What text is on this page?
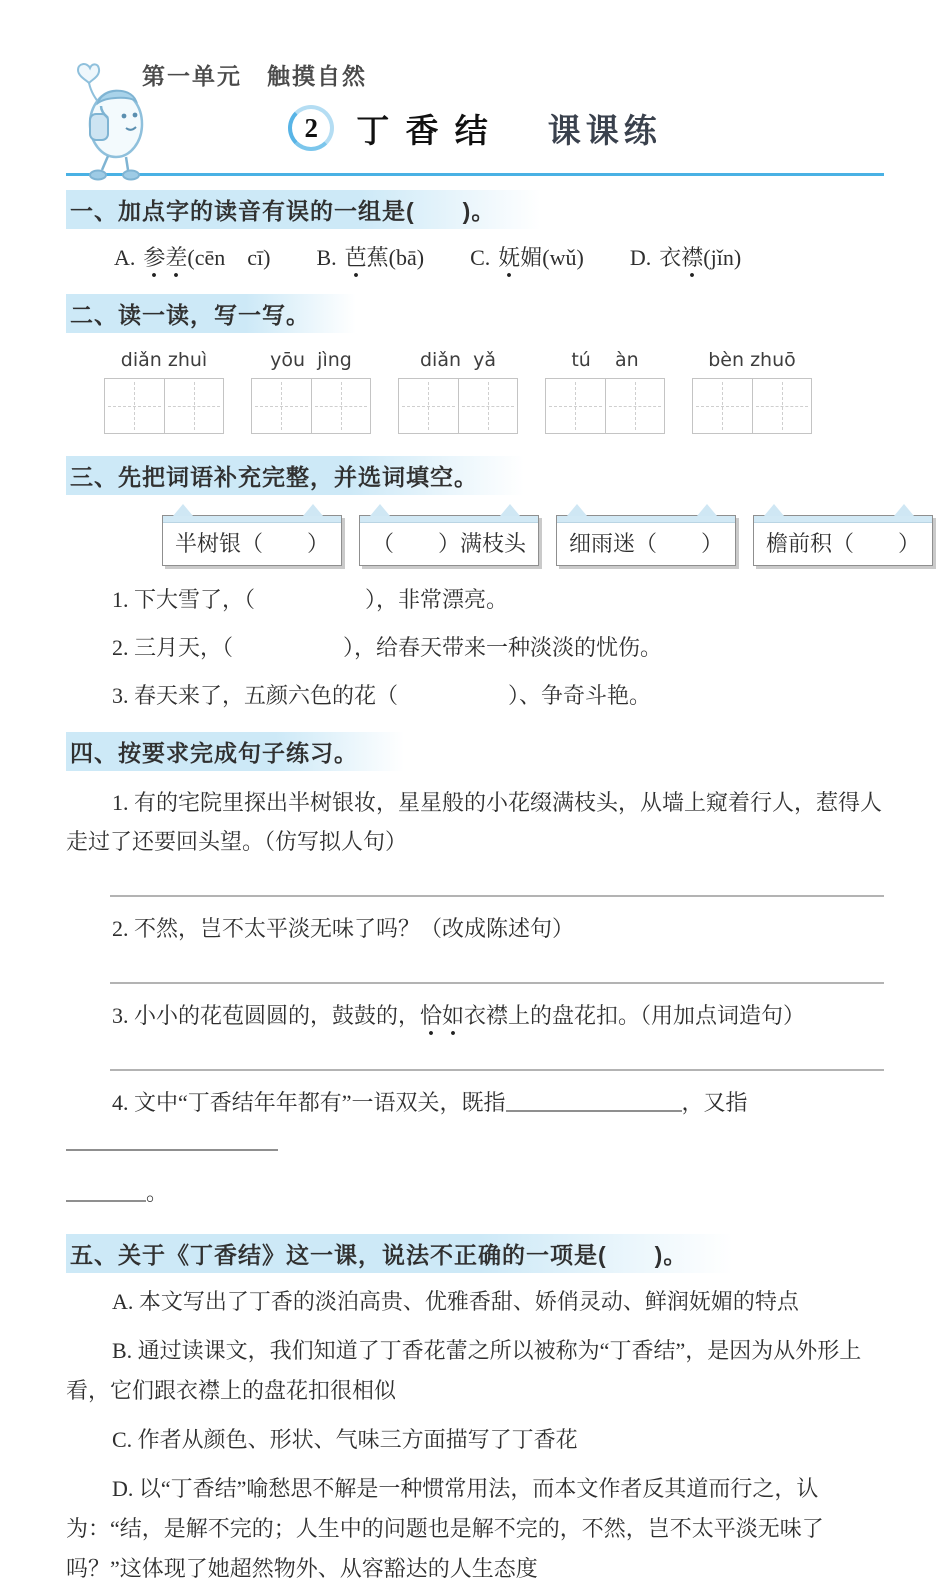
第一单元　触摸自然
2	丁 香 结 课课练
一、加点字的读音有误的一组是(　　)。
A. 参差(cēn　cī) B. 芭蕉(bā) C. 妩媚(wǔ) D. 衣襟(jǐn)
二、读一读，写一写。
diǎn zhuì	yōu  jìng	diǎn  yǎ	tú    àn	bèn zhuō
三、先把词语补充完整，并选词填空。
半树银（　　）	（　　）满枝头	细雨迷（　　）	檐前积（　　）
1. 下大雪了，（　　　　　），非常漂亮。
2. 三月天，（　　　　　），给春天带来一种淡淡的忧伤。
3. 春天来了，五颜六色的花（　　　　　）、争奇斗艳。
四、按要求完成句子练习。
1. 有的宅院里探出半树银妆，星星般的小花缀满枝头，从墙上窥着行人，惹得人走过了还要回头望。（仿写拟人句）
2. 不然，岂不太平淡无味了吗？（改成陈述句）
3. 小小的花苞圆圆的，鼓鼓的，恰如衣襟上的盘花扣。（用加点词造句）
4. 文中“丁香结年年都有”一语双关，既指	，又指
。
五、关于《丁香结》这一课，说法不正确的一项是(　　)。
A. 本文写出了丁香的淡泊高贵、优雅香甜、娇俏灵动、鲜润妩媚的特点
B. 通过读课文，我们知道了丁香花蕾之所以被称为“丁香结”，是因为从外形上看，它们跟衣襟上的盘花扣很相似
C. 作者从颜色、形状、气味三方面描写了丁香花
D. 以“丁香结”喻愁思不解是一种惯常用法，而本文作者反其道而行之，认为：“结，是解不完的；人生中的问题也是解不完的，不然，岂不太平淡无味了吗？”这体现了她超然物外、从容豁达的人生态度
